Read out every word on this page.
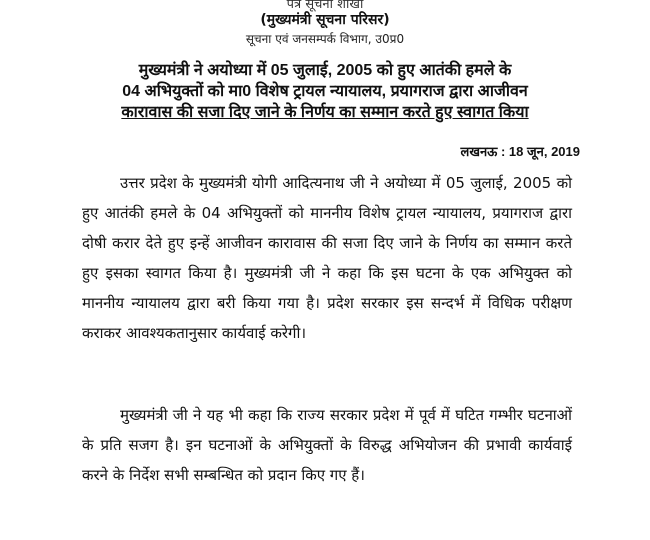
पत्र सूचना शाखा
(मुख्यमंत्री सूचना परिसर)
सूचना एवं जनसम्पर्क विभाग, उ0प्र0
मुख्यमंत्री ने अयोध्या में 05 जुलाई, 2005 को हुए आतंकी हमले के
04 अभियुक्तों को मा0 विशेष ट्रायल न्यायालय, प्रयागराज द्वारा आजीवन
कारावास की सजा दिए जाने के निर्णय का सम्मान करते हुए स्वागत किया
लखनऊ : 18 जून, 2019
उत्तर प्रदेश के मुख्यमंत्री योगी आदित्यनाथ जी ने अयोध्या में 05 जुलाई, 2005 को हुए आतंकी हमले के 04 अभियुक्तों को माननीय विशेष ट्रायल न्यायालय, प्रयागराज द्वारा दोषी करार देते हुए इन्हें आजीवन कारावास की सजा दिए जाने के निर्णय का सम्मान करते हुए इसका स्वागत किया है। मुख्यमंत्री जी ने कहा कि इस घटना के एक अभियुक्त को माननीय न्यायालय द्वारा बरी किया गया है। प्रदेश सरकार इस सन्दर्भ में विधिक परीक्षण कराकर आवश्यकतानुसार कार्यवाई करेगी।
मुख्यमंत्री जी ने यह भी कहा कि राज्य सरकार प्रदेश में पूर्व में घटित गम्भीर घटनाओं के प्रति सजग है। इन घटनाओं के अभियुक्तों के विरुद्ध अभियोजन की प्रभावी कार्यवाई करने के निर्देश सभी सम्बन्धित को प्रदान किए गए हैं।
